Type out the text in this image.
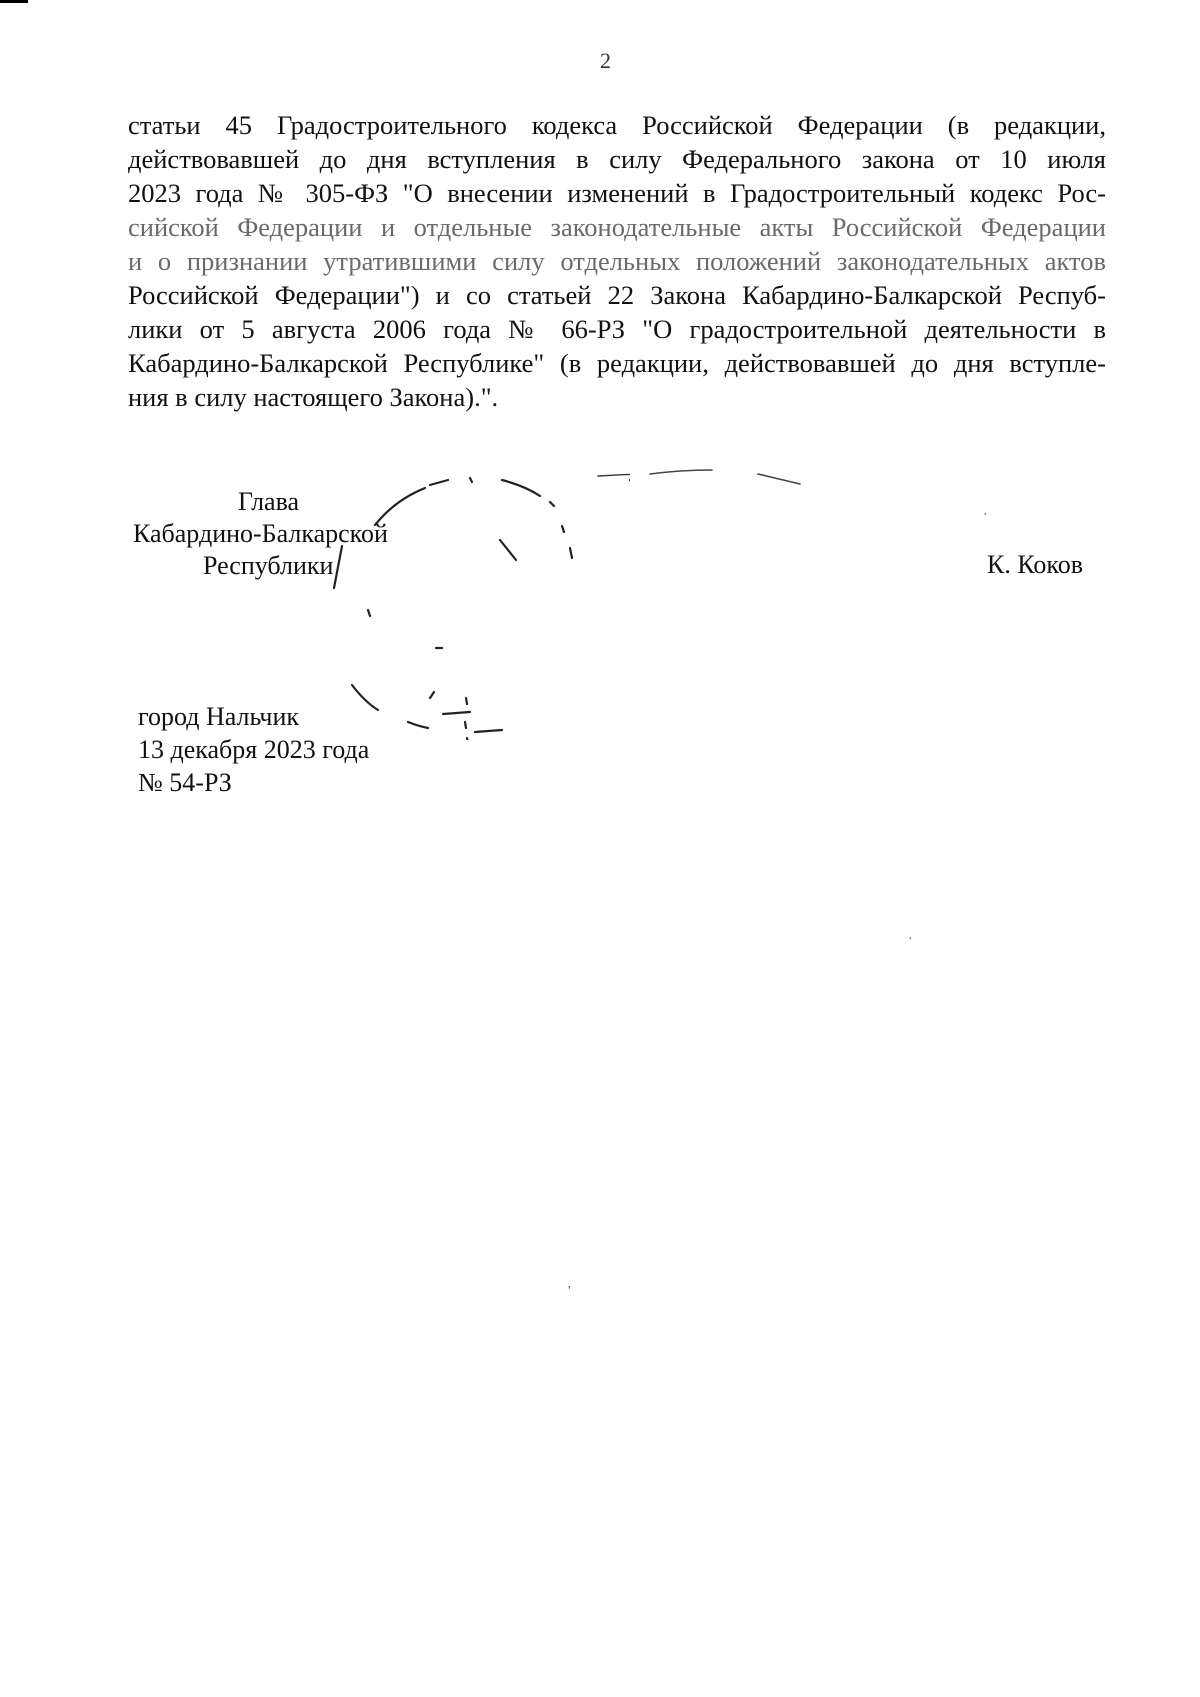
2
статьи 45 Градостроительного кодекса Российской Федерации (в редакции,
действовавшей до дня вступления в силу Федерального закона от 10 июля
2023 года № 305-ФЗ "О внесении изменений в Градостроительный кодекс Рос-
сийской Федерации и отдельные законодательные акты Российской Федерации
и о признании утратившими силу отдельных положений законодательных актов
Российской Федерации") и со статьей 22 Закона Кабардино-Балкарской Респуб-
лики от 5 августа 2006 года № 66-РЗ "О градостроительной деятельности в
Кабардино-Балкарской Республике" (в редакции, действовавшей до дня вступле-
ния в силу настоящего Закона).".
Глава
Кабардино-Балкарской
Республики	К. Коков
город Нальчик
13 декабря 2023 года
№ 54-РЗ
·
·
'
